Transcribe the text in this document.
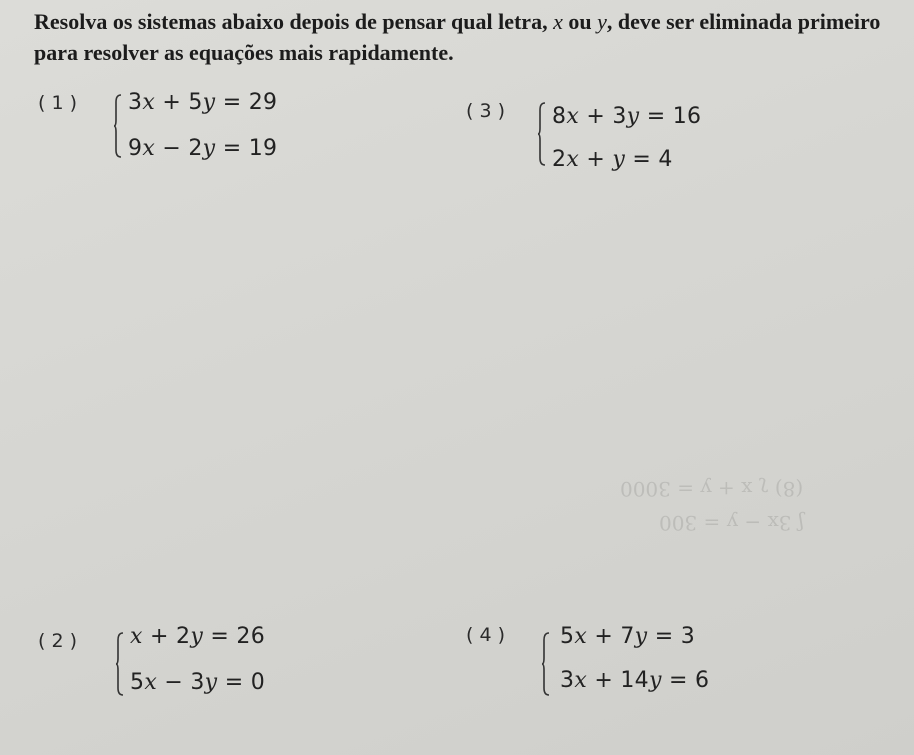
Resolva os sistemas abaixo depois de pensar qual letra, x ou y, deve ser eliminada primeiro para resolver as equações mais rapidamente.
( 1 ) 3x + 5y = 29
9x − 2y = 19
( 3 ) 8x + 3y = 16
2x + y = 4
( 2 ) x + 2y = 26
5x − 3y = 0
( 4 )	5x + 7y = 3
3x + 14y = 6
ʃ 3x − y = 300
(8) ʅ x + y = 3000
